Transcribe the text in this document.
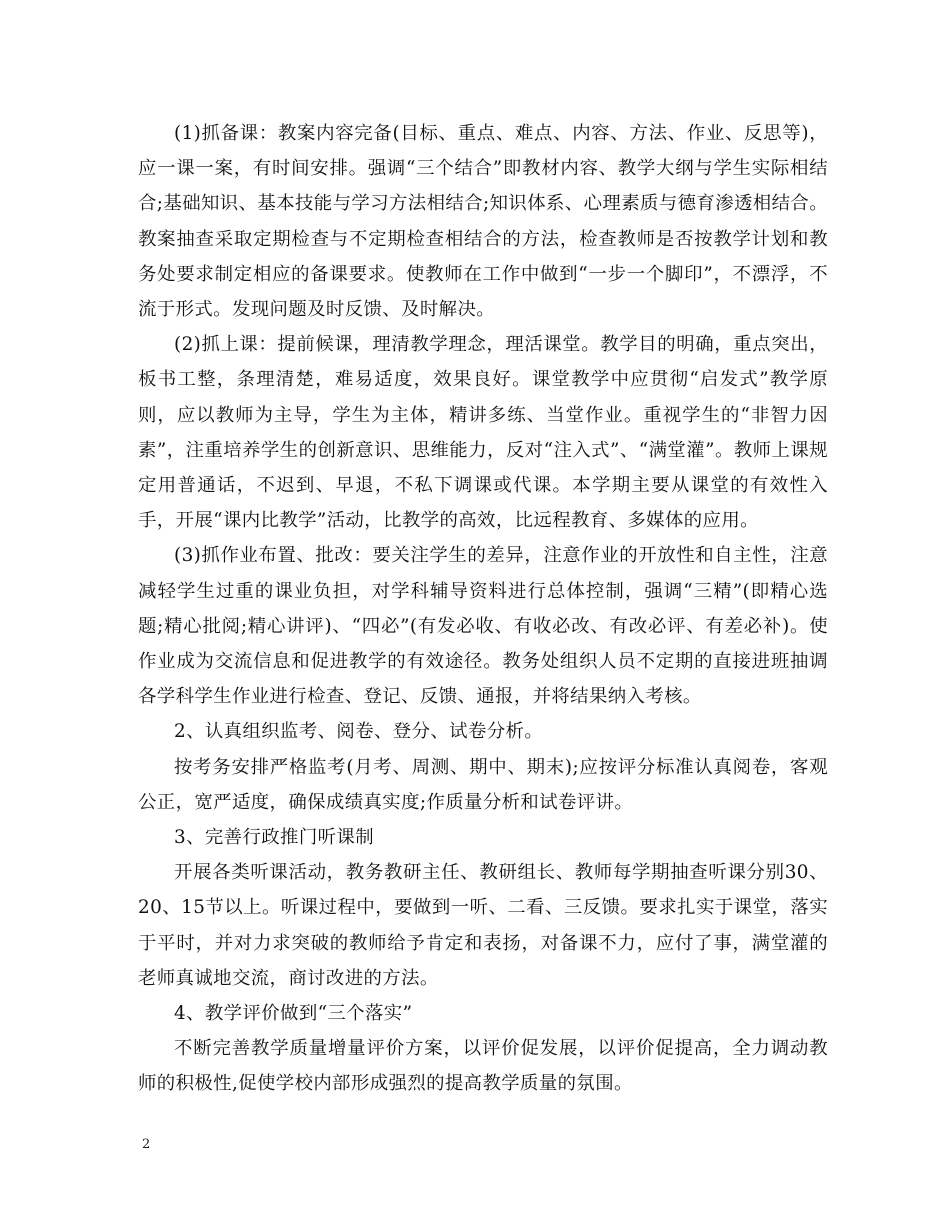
(1)抓备课：教案内容完备(目标、重点、难点、内容、方法、作业、反思等)，应一课一案，有时间安排。强调“三个结合”即教材内容、教学大纲与学生实际相结合;基础知识、基本技能与学习方法相结合;知识体系、心理素质与德育渗透相结合。教案抽查采取定期检查与不定期检查相结合的方法，检查教师是否按教学计划和教务处要求制定相应的备课要求。使教师在工作中做到“一步一个脚印”，不漂浮，不流于形式。发现问题及时反馈、及时解决。

(2)抓上课：提前候课，理清教学理念，理活课堂。教学目的明确，重点突出，板书工整，条理清楚，难易适度，效果良好。课堂教学中应贯彻“启发式”教学原则，应以教师为主导，学生为主体，精讲多练、当堂作业。重视学生的“非智力因素”，注重培养学生的创新意识、思维能力，反对“注入式”、“满堂灌”。教师上课规定用普通话，不迟到、早退，不私下调课或代课。本学期主要从课堂的有效性入手，开展“课内比教学”活动，比教学的高效，比远程教育、多媒体的应用。

(3)抓作业布置、批改：要关注学生的差异，注意作业的开放性和自主性，注意减轻学生过重的课业负担，对学科辅导资料进行总体控制，强调“三精”(即精心选题;精心批阅;精心讲评)、“四必”(有发必收、有收必改、有改必评、有差必补)。使作业成为交流信息和促进教学的有效途径。教务处组织人员不定期的直接进班抽调各学科学生作业进行检查、登记、反馈、通报，并将结果纳入考核。

2、认真组织监考、阅卷、登分、试卷分析。

按考务安排严格监考(月考、周测、期中、期末);应按评分标准认真阅卷，客观公正，宽严适度，确保成绩真实度;作质量分析和试卷评讲。

3、完善行政推门听课制

开展各类听课活动，教务教研主任、教研组长、教师每学期抽查听课分别30、20、15节以上。听课过程中，要做到一听、二看、三反馈。要求扎实于课堂，落实于平时，并对力求突破的教师给予肯定和表扬，对备课不力，应付了事，满堂灌的老师真诚地交流，商讨改进的方法。

4、教学评价做到“三个落实”

不断完善教学质量增量评价方案，以评价促发展，以评价促提高，全力调动教师的积极性,促使学校内部形成强烈的提高教学质量的氛围。

2
